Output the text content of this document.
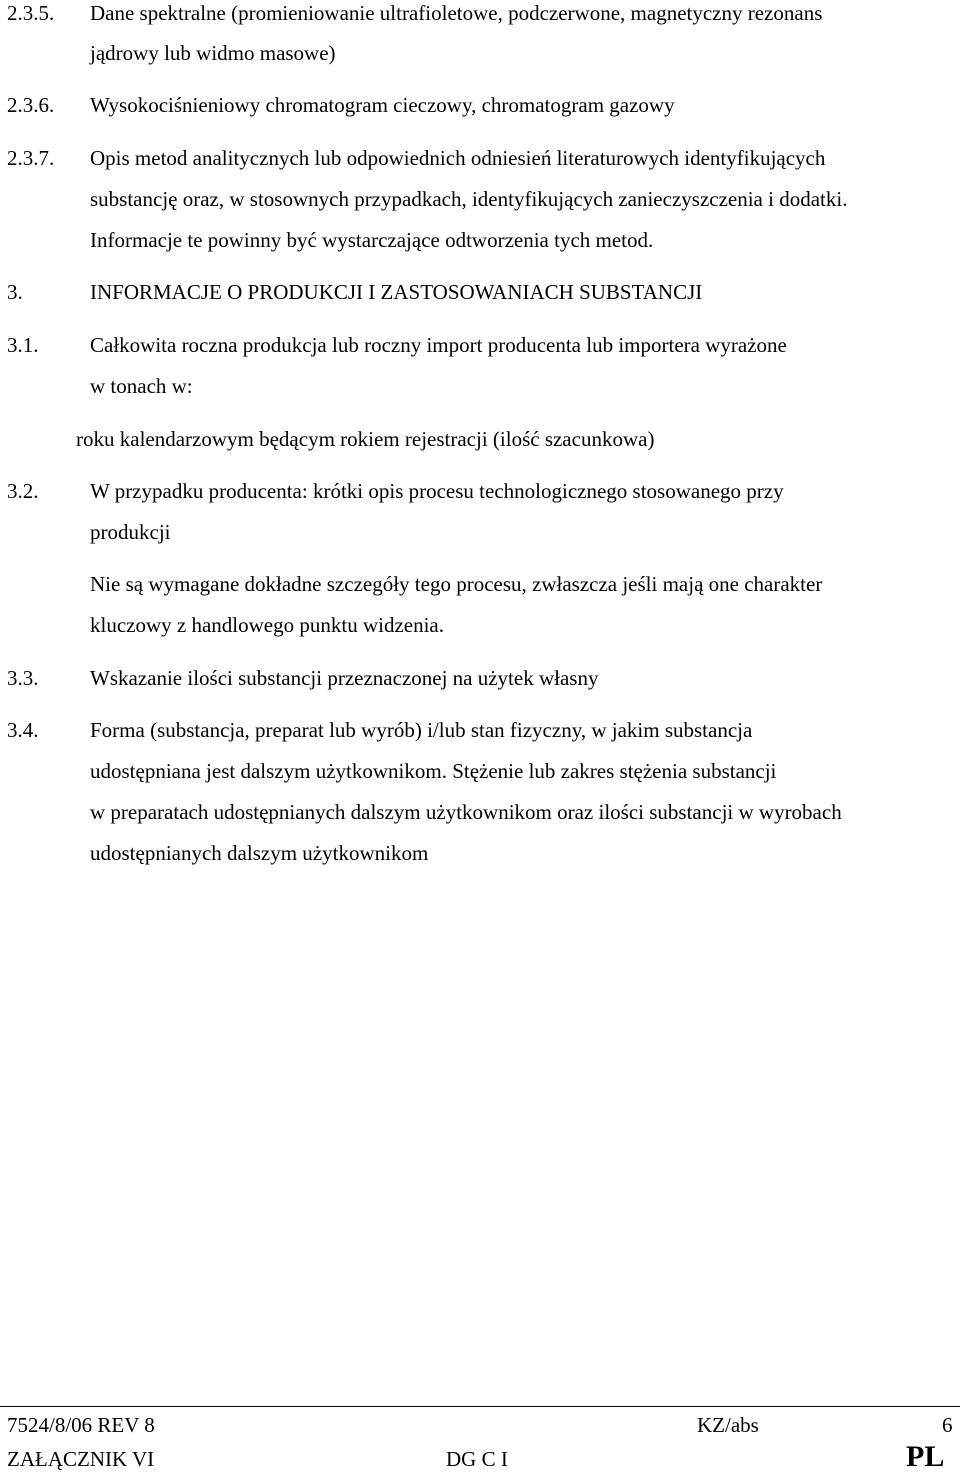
2.3.5. Dane spektralne (promieniowanie ultrafioletowe, podczerwone, magnetyczny rezonans
jądrowy lub widmo masowe)
2.3.6. Wysokociśnieniowy chromatogram cieczowy, chromatogram gazowy
2.3.7. Opis metod analitycznych lub odpowiednich odniesień literaturowych identyfikujących
substancję oraz, w stosownych przypadkach, identyfikujących zanieczyszczenia i dodatki.
Informacje te powinny być wystarczające odtworzenia tych metod.
3.	INFORMACJE O PRODUKCJI I ZASTOSOWANIACH SUBSTANCJI
3.1. Całkowita roczna produkcja lub roczny import producenta lub importera wyrażone
w tonach w:
roku kalendarzowym będącym rokiem rejestracji (ilość szacunkowa)
3.2. W przypadku producenta: krótki opis procesu technologicznego stosowanego przy
produkcji
Nie są wymagane dokładne szczegóły tego procesu, zwłaszcza jeśli mają one charakter
kluczowy z handlowego punktu widzenia.
3.3. Wskazanie ilości substancji przeznaczonej na użytek własny
3.4. Forma (substancja, preparat lub wyrób) i/lub stan fizyczny, w jakim substancja
udostępniana jest dalszym użytkownikom. Stężenie lub zakres stężenia substancji
w preparatach udostępnianych dalszym użytkownikom oraz ilości substancji w wyrobach
udostępnianych dalszym użytkownikom
7524/8/06 REV 8	KZ/abs	6
ZAŁĄCZNIK VI	DG C I	PL
